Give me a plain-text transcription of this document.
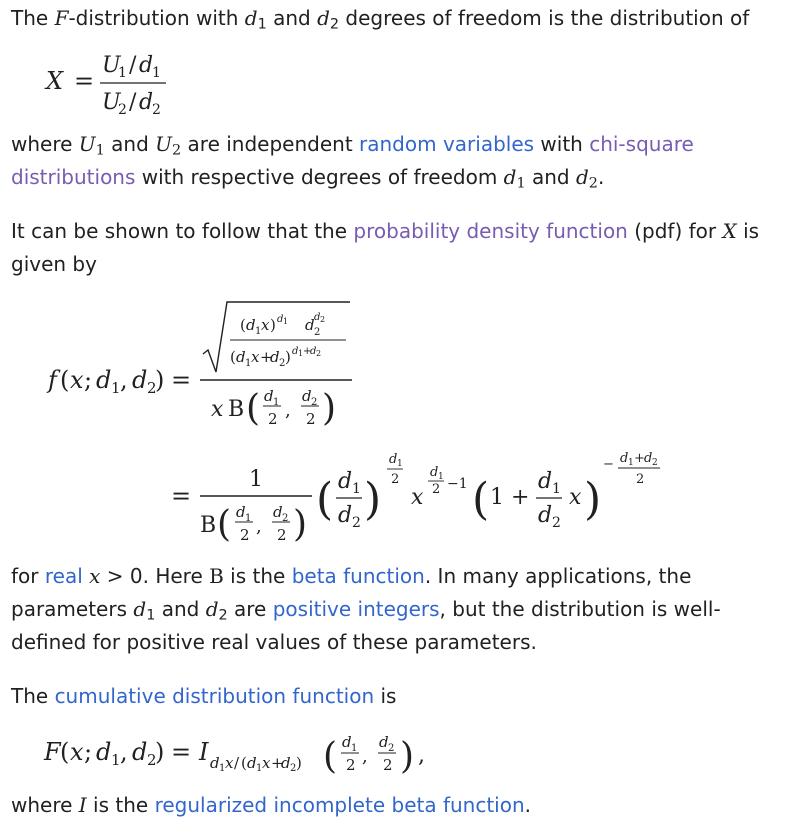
The F-distribution with $d_1$ and $d_2$ degrees of freedom is the distribution of

X =
U
1 / d
1
U
2 / d
2

where $U_1$ and $U_2$ are independent random variables with chi-square
distributions with respective degrees of freedom $d_1$ and $d_2$.

It can be shown to follow that the probability density function (pdf) for X is
given by

f ( x ; d 1 , d 2
) =
( d 1 x ) d 1 d 2
d 2
( d 1 x +
d 2 ) d 1 +
d 2
x B ( d 1
2 ,
d 2
2 )
=
1
B ( d 1
2 ,
d 2
2 ) ( d 1
d 2 )
d 1
2
x
d 1
2 −1 ( 1 +
d 1
d 2
x )
− d 1 + d 2
2

for real x > 0. Here B is the beta function. In many applications, the
parameters $d_1$ and $d_2$ are positive integers, but the distribution is well-
defined for positive real values of these parameters.

The cumulative distribution function is

F ( x ; d 1 , d 2
) = I d 1 x / ( d 1 x +
d 2 ) ( d 1
2 ,
d 2
2 ) ,

where I is the regularized incomplete beta function.
